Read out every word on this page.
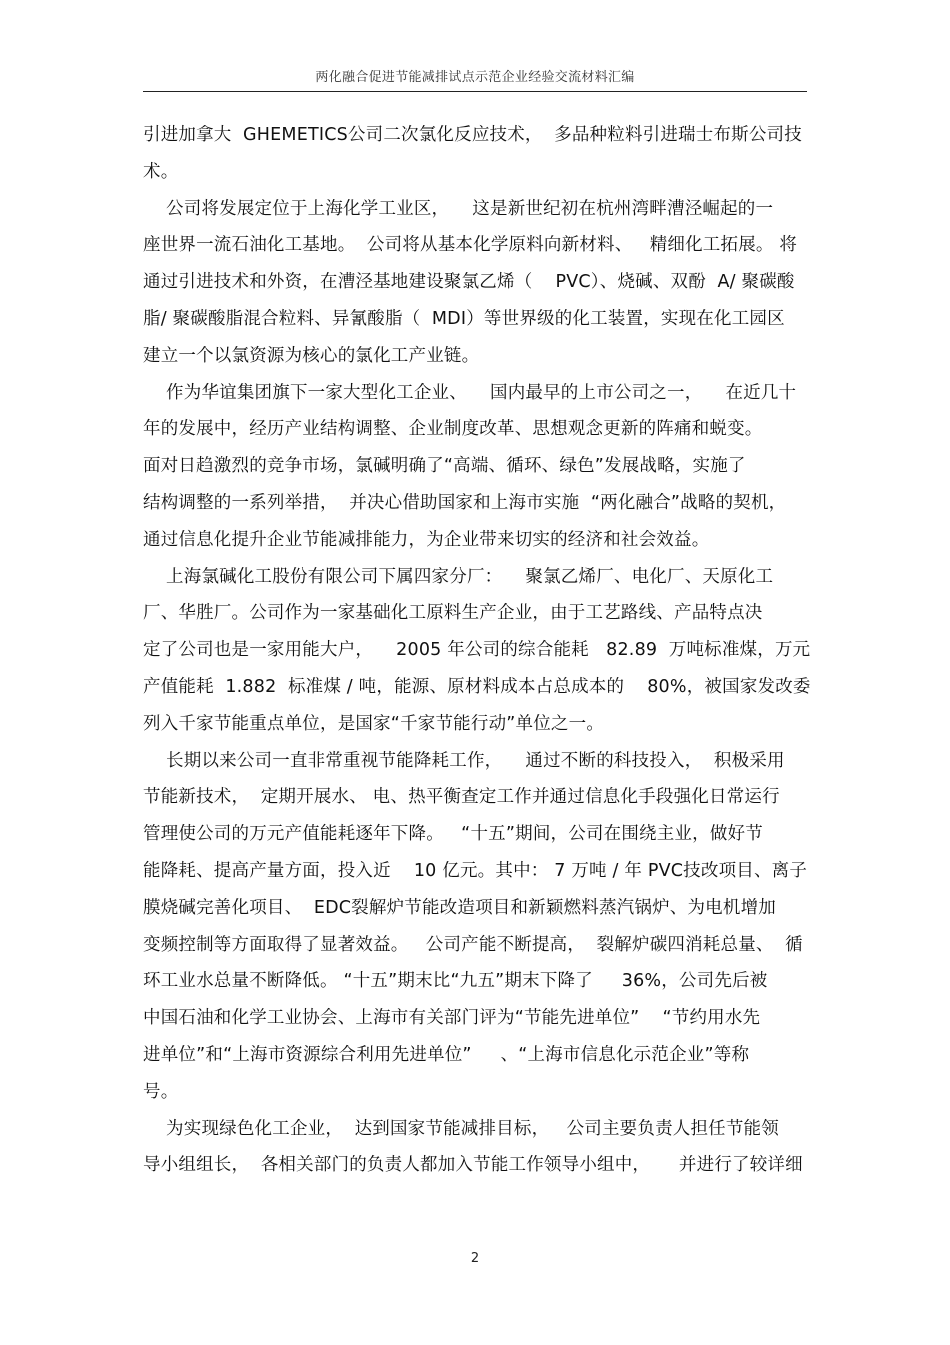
两化融合促进节能减排试点示范企业经验交流材料汇编
引进加拿大  GHEMETICS公司二次氯化反应技术，  多品种粒料引进瑞士布斯公司技
术。
公司将发展定位于上海化学工业区，    这是新世纪初在杭州湾畔漕泾崛起的一
座世界一流石油化工基地。  公司将从基本化学原料向新材料、   精细化工拓展。 将
通过引进技术和外资，在漕泾基地建设聚氯乙烯（    PVC）、烧碱、双酚  A/ 聚碳酸
脂/ 聚碳酸脂混合粒料、异氰酸脂（  MDI）等世界级的化工装置，实现在化工园区
建立一个以氯资源为核心的氯化工产业链。
作为华谊集团旗下一家大型化工企业、    国内最早的上市公司之一，    在近几十
年的发展中，经历产业结构调整、企业制度改革、思想观念更新的阵痛和蜕变。
面对日趋激烈的竞争市场，氯碱明确了“高端、循环、绿色”发展战略，实施了
结构调整的一系列举措，  并决心借助国家和上海市实施  “两化融合”战略的契机，
通过信息化提升企业节能减排能力，为企业带来切实的经济和社会效益。
上海氯碱化工股份有限公司下属四家分厂：    聚氯乙烯厂、电化厂、天原化工
厂、华胜厂。公司作为一家基础化工原料生产企业，由于工艺路线、产品特点决
定了公司也是一家用能大户，    2005 年公司的综合能耗   82.89  万吨标准煤，万元
产值能耗  1.882  标准煤 / 吨，能源、原材料成本占总成本的    80%，被国家发改委
列入千家节能重点单位，是国家“千家节能行动”单位之一。
长期以来公司一直非常重视节能降耗工作，    通过不断的科技投入，  积极采用
节能新技术，  定期开展水、 电、热平衡查定工作并通过信息化手段强化日常运行
管理使公司的万元产值能耗逐年下降。   “十五”期间，公司在围绕主业，做好节
能降耗、提高产量方面，投入近    10 亿元。其中： 7 万吨 / 年 PVC技改项目、离子
膜烧碱完善化项目、  EDC裂解炉节能改造项目和新颖燃料蒸汽锅炉、为电机增加
变频控制等方面取得了显著效益。   公司产能不断提高，  裂解炉碳四消耗总量、  循
环工业水总量不断降低。 “十五”期末比“九五”期末下降了     36%，公司先后被
中国石油和化学工业协会、上海市有关部门评为“节能先进单位”    “节约用水先
进单位”和“上海市资源综合利用先进单位”     、“上海市信息化示范企业”等称
号。
为实现绿色化工企业，  达到国家节能减排目标，   公司主要负责人担任节能领
导小组组长，  各相关部门的负责人都加入节能工作领导小组中，     并进行了较详细
2
